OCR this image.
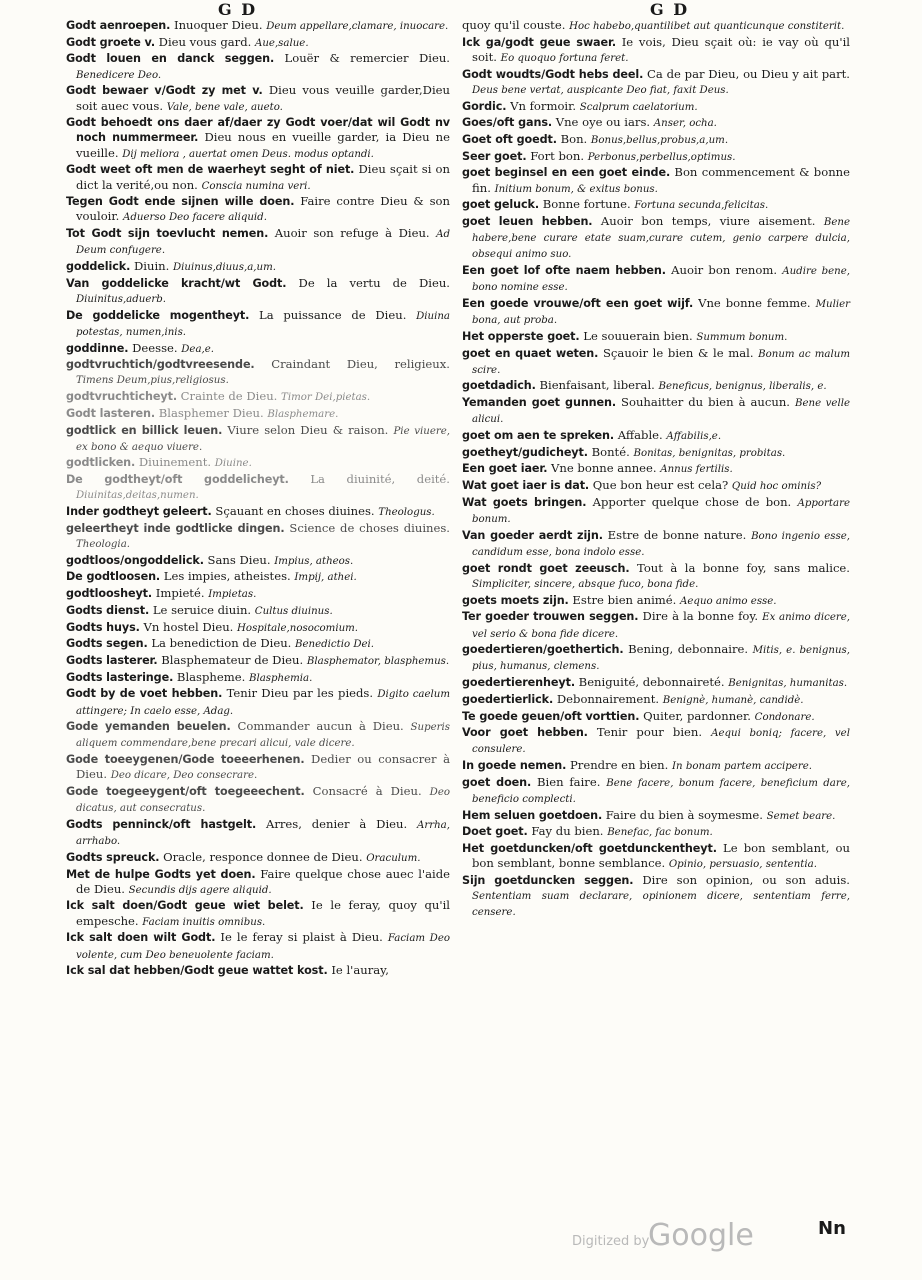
G D	G D
Godt aenroepen. Inuoquer Dieu. Deum appellare,clamare, inuocare.
Godt groete v. Dieu vous gard. Aue,salue.
Godt louen en danck seggen. Louër & remercier Dieu. Benedicere Deo.
Godt bewaer v/Godt zy met v. Dieu vous veuille garder,Dieu soit auec vous. Vale, bene vale, aueto.
Godt behoedt ons daer af/daer zy Godt voer/dat wil Godt nv noch nummermeer. Dieu nous en vueille garder, ia Dieu ne vueille. Dij meliora , auertat omen Deus. modus optandi.
Godt weet oft men de waerheyt seght of niet. Dieu sçait si on dict la verité,ou non. Conscia numina veri.
Tegen Godt ende sijnen wille doen. Faire contre Dieu & son vouloir. Aduerso Deo facere aliquid.
Tot Godt sijn toevlucht nemen. Auoir son refuge à Dieu. Ad Deum confugere.
goddelick. Diuin. Diuinus,diuus,a,um.
Van goddelicke kracht/wt Godt. De la vertu de Dieu. Diuinitus,aduerb.
De goddelicke mogentheyt. La puissance de Dieu. Diuina potestas, numen,inis.
goddinne. Deesse. Dea,e.
godtvruchtich/godtvreesende. Craindant Dieu, religieux. Timens Deum,pius,religiosus.
godtvruchticheyt. Crainte de Dieu. Timor Dei,pietas.
Godt lasteren. Blasphemer Dieu. Blasphemare.
godtlick en billick leuen. Viure selon Dieu & raison. Pie viuere, ex bono & aequo viuere.
godtlicken. Diuinement. Diuine.
De godtheyt/oft goddelicheyt. La diuinité, deité. Diuinitas,deitas,numen.
Inder godtheyt geleert. Sçauant en choses diuines. Theologus.
geleertheyt inde godtlicke dingen. Science de choses diuines. Theologia.
godtloos/ongoddelick. Sans Dieu. Impius, atheos.
De godtloosen. Les impies, atheistes. Impij, athei.
godtloosheyt. Impieté. Impietas.
Godts dienst. Le seruice diuin. Cultus diuinus.
Godts huys. Vn hostel Dieu. Hospitale,nosocomium.
Godts segen. La benediction de Dieu. Benedictio Dei.
Godts lasterer. Blasphemateur de Dieu. Blasphemator, blasphemus.
Godts lasteringe. Blaspheme. Blasphemia.
Godt by de voet hebben. Tenir Dieu par les pieds. Digito caelum attingere; In caelo esse, Adag.
Gode yemanden beuelen. Commander aucun à Dieu. Superis aliquem commendare,bene precari alicui, vale dicere.
Gode toeeygenen/Gode toeeerhenen. Dedier ou consacrer à Dieu. Deo dicare, Deo consecrare.
Gode toegeeygent/oft toegeeechent. Consacré à Dieu. Deo dicatus, aut consecratus.
Godts penninck/oft hastgelt. Arres, denier à Dieu. Arrha, arrhabo.
Godts spreuck. Oracle, responce donnee de Dieu. Oraculum.
Met de hulpe Godts yet doen. Faire quelque chose auec l'aide de Dieu. Secundis dijs agere aliquid.
Ick salt doen/Godt geue wiet belet. Ie le feray, quoy qu'il empesche. Faciam inuitis omnibus.
Ick salt doen wilt Godt. Ie le feray si plaist à Dieu. Faciam Deo volente, cum Deo beneuolente faciam.
Ick sal dat hebben/Godt geue wattet kost. Ie l'auray,
quoy qu'il couste. Hoc habebo,quantilibet aut quanticunque constiterit.
Ick ga/godt geue swaer. Ie vois, Dieu sçait où: ie vay où qu'il soit. Eo quoquo fortuna feret.
Godt woudts/Godt hebs deel. Ca de par Dieu, ou Dieu y ait part. Deus bene vertat, auspicante Deo fiat, faxit Deus.
Gordic. Vn formoir. Scalprum caelatorium.
Goes/oft gans. Vne oye ou iars. Anser, ocha.
Goet oft goedt. Bon. Bonus,bellus,probus,a,um.
Seer goet. Fort bon. Perbonus,perbellus,optimus.
goet beginsel en een goet einde. Bon commencement & bonne fin. Initium bonum, & exitus bonus.
goet geluck. Bonne fortune. Fortuna secunda,felicitas.
goet leuen hebben. Auoir bon temps, viure aisement. Bene habere,bene curare etate suam,curare cutem, genio carpere dulcia, obsequi animo suo.
Een goet lof ofte naem hebben. Auoir bon renom. Audire bene, bono nomine esse.
Een goede vrouwe/oft een goet wijf. Vne bonne femme. Mulier bona, aut proba.
Het opperste goet. Le souuerain bien. Summum bonum.
goet en quaet weten. Sçauoir le bien & le mal. Bonum ac malum scire.
goetdadich. Bienfaisant, liberal. Beneficus, benignus, liberalis, e.
Yemanden goet gunnen. Souhaitter du bien à aucun. Bene velle alicui.
goet om aen te spreken. Affable. Affabilis,e.
goetheyt/gudicheyt. Bonté. Bonitas, benignitas, probitas.
Een goet iaer. Vne bonne annee. Annus fertilis.
Wat goet iaer is dat. Que bon heur est cela? Quid hoc ominis?
Wat goets bringen. Apporter quelque chose de bon. Apportare bonum.
Van goeder aerdt zijn. Estre de bonne nature. Bono ingenio esse, candidum esse, bona indolo esse.
goet rondt goet zeeusch. Tout à la bonne foy, sans malice. Simpliciter, sincere, absque fuco, bona fide.
goets moets zijn. Estre bien animé. Aequo animo esse.
Ter goeder trouwen seggen. Dire à la bonne foy. Ex animo dicere, vel serio & bona fide dicere.
goedertieren/goethertich. Bening, debonnaire. Mitis, e. benignus, pius, humanus, clemens.
goedertierenheyt. Beniguité, debonnaireté. Benignitas, humanitas.
goedertierlick. Debonnairement. Benignè, humanè, candidè.
Te goede geuen/oft vorttien. Quiter, pardonner. Condonare.
Voor goet hebben. Tenir pour bien. Aequi boniq; facere, vel consulere.
In goede nemen. Prendre en bien. In bonam partem accipere.
goet doen. Bien faire. Bene facere, bonum facere, beneficium dare, beneficio complecti.
Hem seluen goetdoen. Faire du bien à soymesme. Semet beare.
Doet goet. Fay du bien. Benefac, fac bonum.
Het goetduncken/oft goetdunckentheyt. Le bon semblant, ou bon semblant, bonne semblance. Opinio, persuasio, sententia.
Sijn goetduncken seggen. Dire son opinion, ou son aduis. Sententiam suam declarare, opinionem dicere, sententiam ferre, censere.
Digitized by
Google	Nn
